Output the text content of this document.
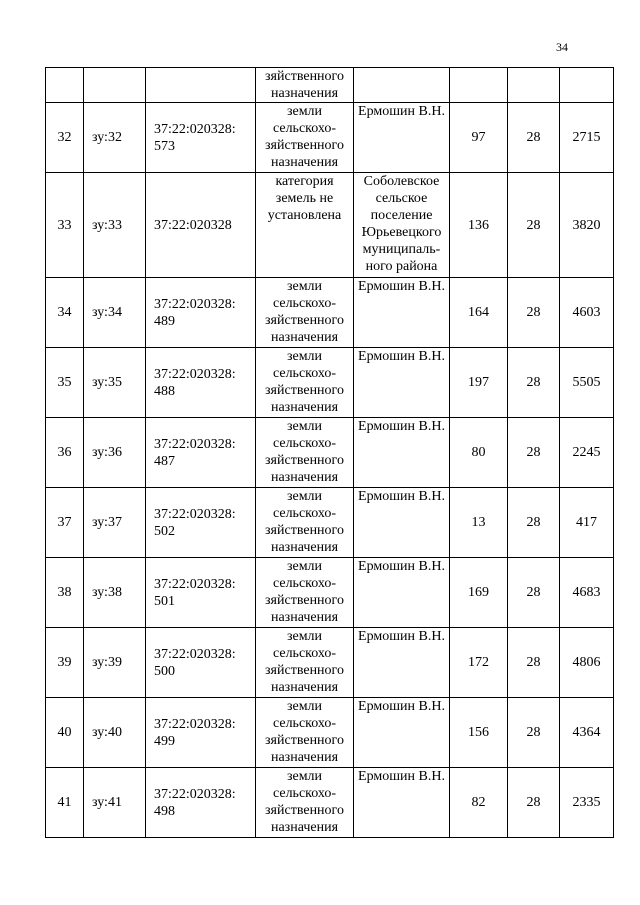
34
			зяйственного назначения				
32	зу:32	37:22:020328: 573	земли сельскохо- зяйственного назначения	Ермошин В.Н.	97	28	2715
33	зу:33	37:22:020328	категория земель не установлена	Соболевское сельское поселение Юрьевецкого муниципаль- ного района	136	28	3820
34	зу:34	37:22:020328: 489	земли сельскохо- зяйственного назначения	Ермошин В.Н.	164	28	4603
35	зу:35	37:22:020328: 488	земли сельскохо- зяйственного назначения	Ермошин В.Н.	197	28	5505
36	зу:36	37:22:020328: 487	земли сельскохо- зяйственного назначения	Ермошин В.Н.	80	28	2245
37	зу:37	37:22:020328: 502	земли сельскохо- зяйственного назначения	Ермошин В.Н.	13	28	417
38	зу:38	37:22:020328: 501	земли сельскохо- зяйственного назначения	Ермошин В.Н.	169	28	4683
39	зу:39	37:22:020328: 500	земли сельскохо- зяйственного назначения	Ермошин В.Н.	172	28	4806
40	зу:40	37:22:020328: 499	земли сельскохо- зяйственного назначения	Ермошин В.Н.	156	28	4364
41	зу:41	37:22:020328: 498	земли сельскохо- зяйственного назначения	Ермошин В.Н.	82	28	2335
